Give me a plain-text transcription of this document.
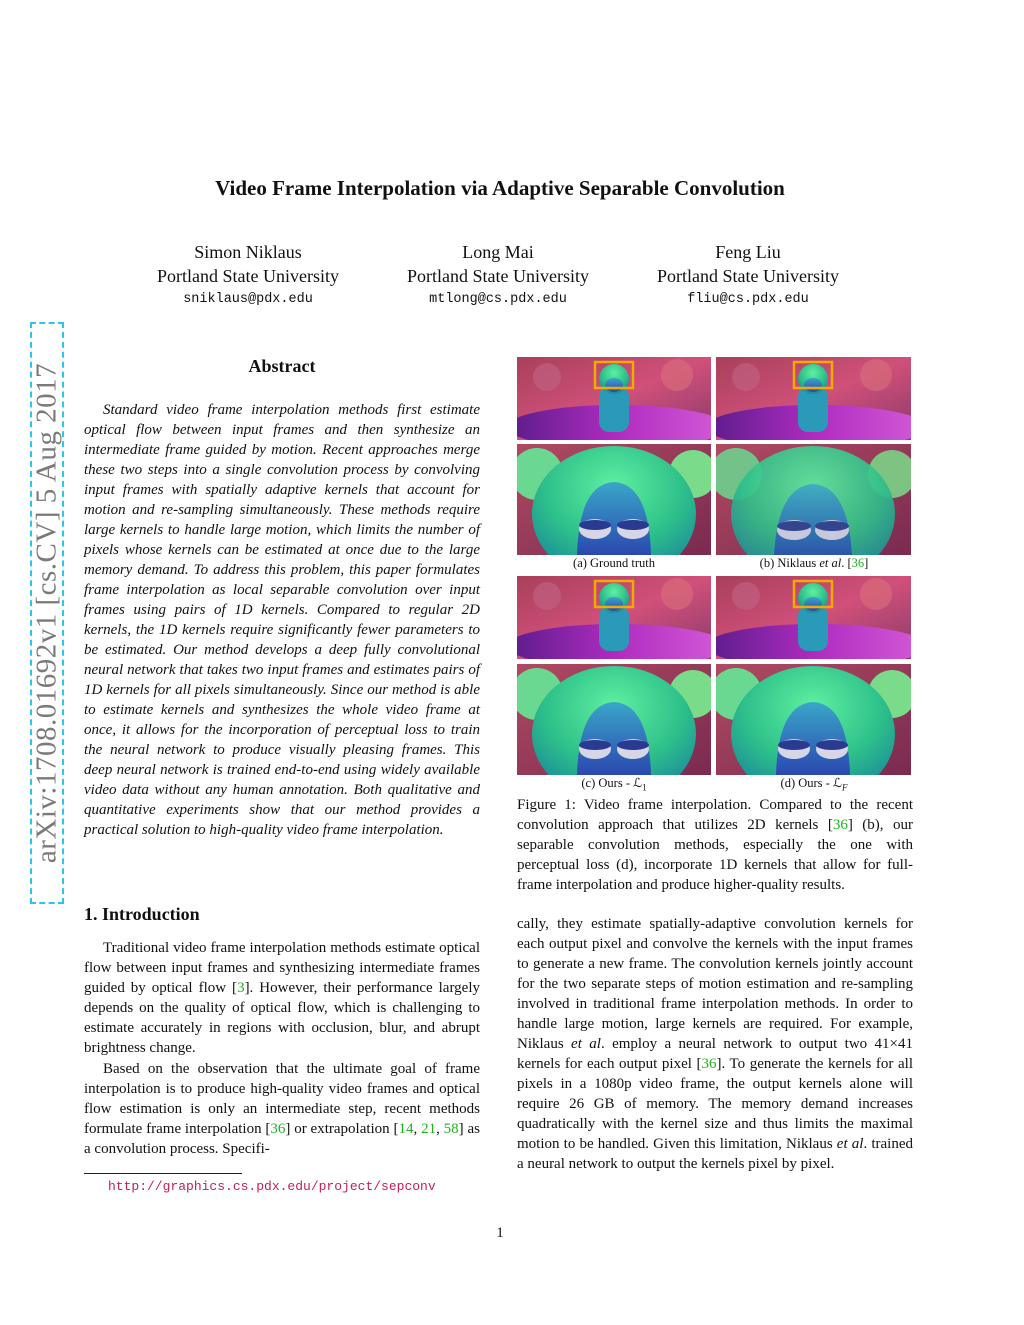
Video Frame Interpolation via Adaptive Separable Convolution
Simon Niklaus
Portland State University
sniklaus@pdx.edu
Long Mai
Portland State University
mtlong@cs.pdx.edu
Feng Liu
Portland State University
fliu@cs.pdx.edu
arXiv:1708.01692v1 [cs.CV] 5 Aug 2017	Abstract
Standard video frame interpolation methods first estimate optical flow between input frames and then synthesize an intermediate frame guided by motion. Recent approaches merge these two steps into a single convolution process by convolving input frames with spatially adaptive kernels that account for motion and re-sampling simultaneously. These methods require large kernels to handle large motion, which limits the number of pixels whose kernels can be estimated at once due to the large memory demand. To address this problem, this paper formulates frame interpolation as local separable convolution over input frames using pairs of 1D kernels. Compared to regular 2D kernels, the 1D kernels require significantly fewer parameters to be estimated. Our method develops a deep fully convolutional neural network that takes two input frames and estimates pairs of 1D kernels for all pixels simultaneously. Since our method is able to estimate kernels and synthesizes the whole video frame at once, it allows for the incorporation of perceptual loss to train the neural network to produce visually pleasing frames. This deep neural network is trained end-to-end using widely available video data without any human annotation. Both qualitative and quantitative experiments show that our method provides a practical solution to high-quality video frame interpolation.
1. Introduction
Traditional video frame interpolation methods estimate optical flow between input frames and synthesizing intermediate frames guided by optical flow [3]. However, their performance largely depends on the quality of optical flow, which is challenging to estimate accurately in regions with occlusion, blur, and abrupt brightness change.
Based on the observation that the ultimate goal of frame interpolation is to produce high-quality video frames and optical flow estimation is only an intermediate step, recent methods formulate frame interpolation [36] or extrapolation [14, 21, 58] as a convolution process. Specifi-
http://graphics.cs.pdx.edu/project/sepconv
(a) Ground truth	(b) Niklaus et al. [36]
(c) Ours - ℒ$_1$	(d) Ours - ℒ$_F$
Figure 1: Video frame interpolation. Compared to the recent convolution approach that utilizes 2D kernels [36] (b), our separable convolution methods, especially the one with perceptual loss (d), incorporate 1D kernels that allow for full-frame interpolation and produce higher-quality results.
cally, they estimate spatially-adaptive convolution kernels for each output pixel and convolve the kernels with the input frames to generate a new frame. The convolution kernels jointly account for the two separate steps of motion estimation and re-sampling involved in traditional frame interpolation methods. In order to handle large motion, large kernels are required. For example, Niklaus et al. employ a neural network to output two 41×41 kernels for each output pixel [36]. To generate the kernels for all pixels in a 1080p video frame, the output kernels alone will require 26 GB of memory. The memory demand increases quadratically with the kernel size and thus limits the maximal motion to be handled. Given this limitation, Niklaus et al. trained a neural network to output the kernels pixel by pixel.
1
